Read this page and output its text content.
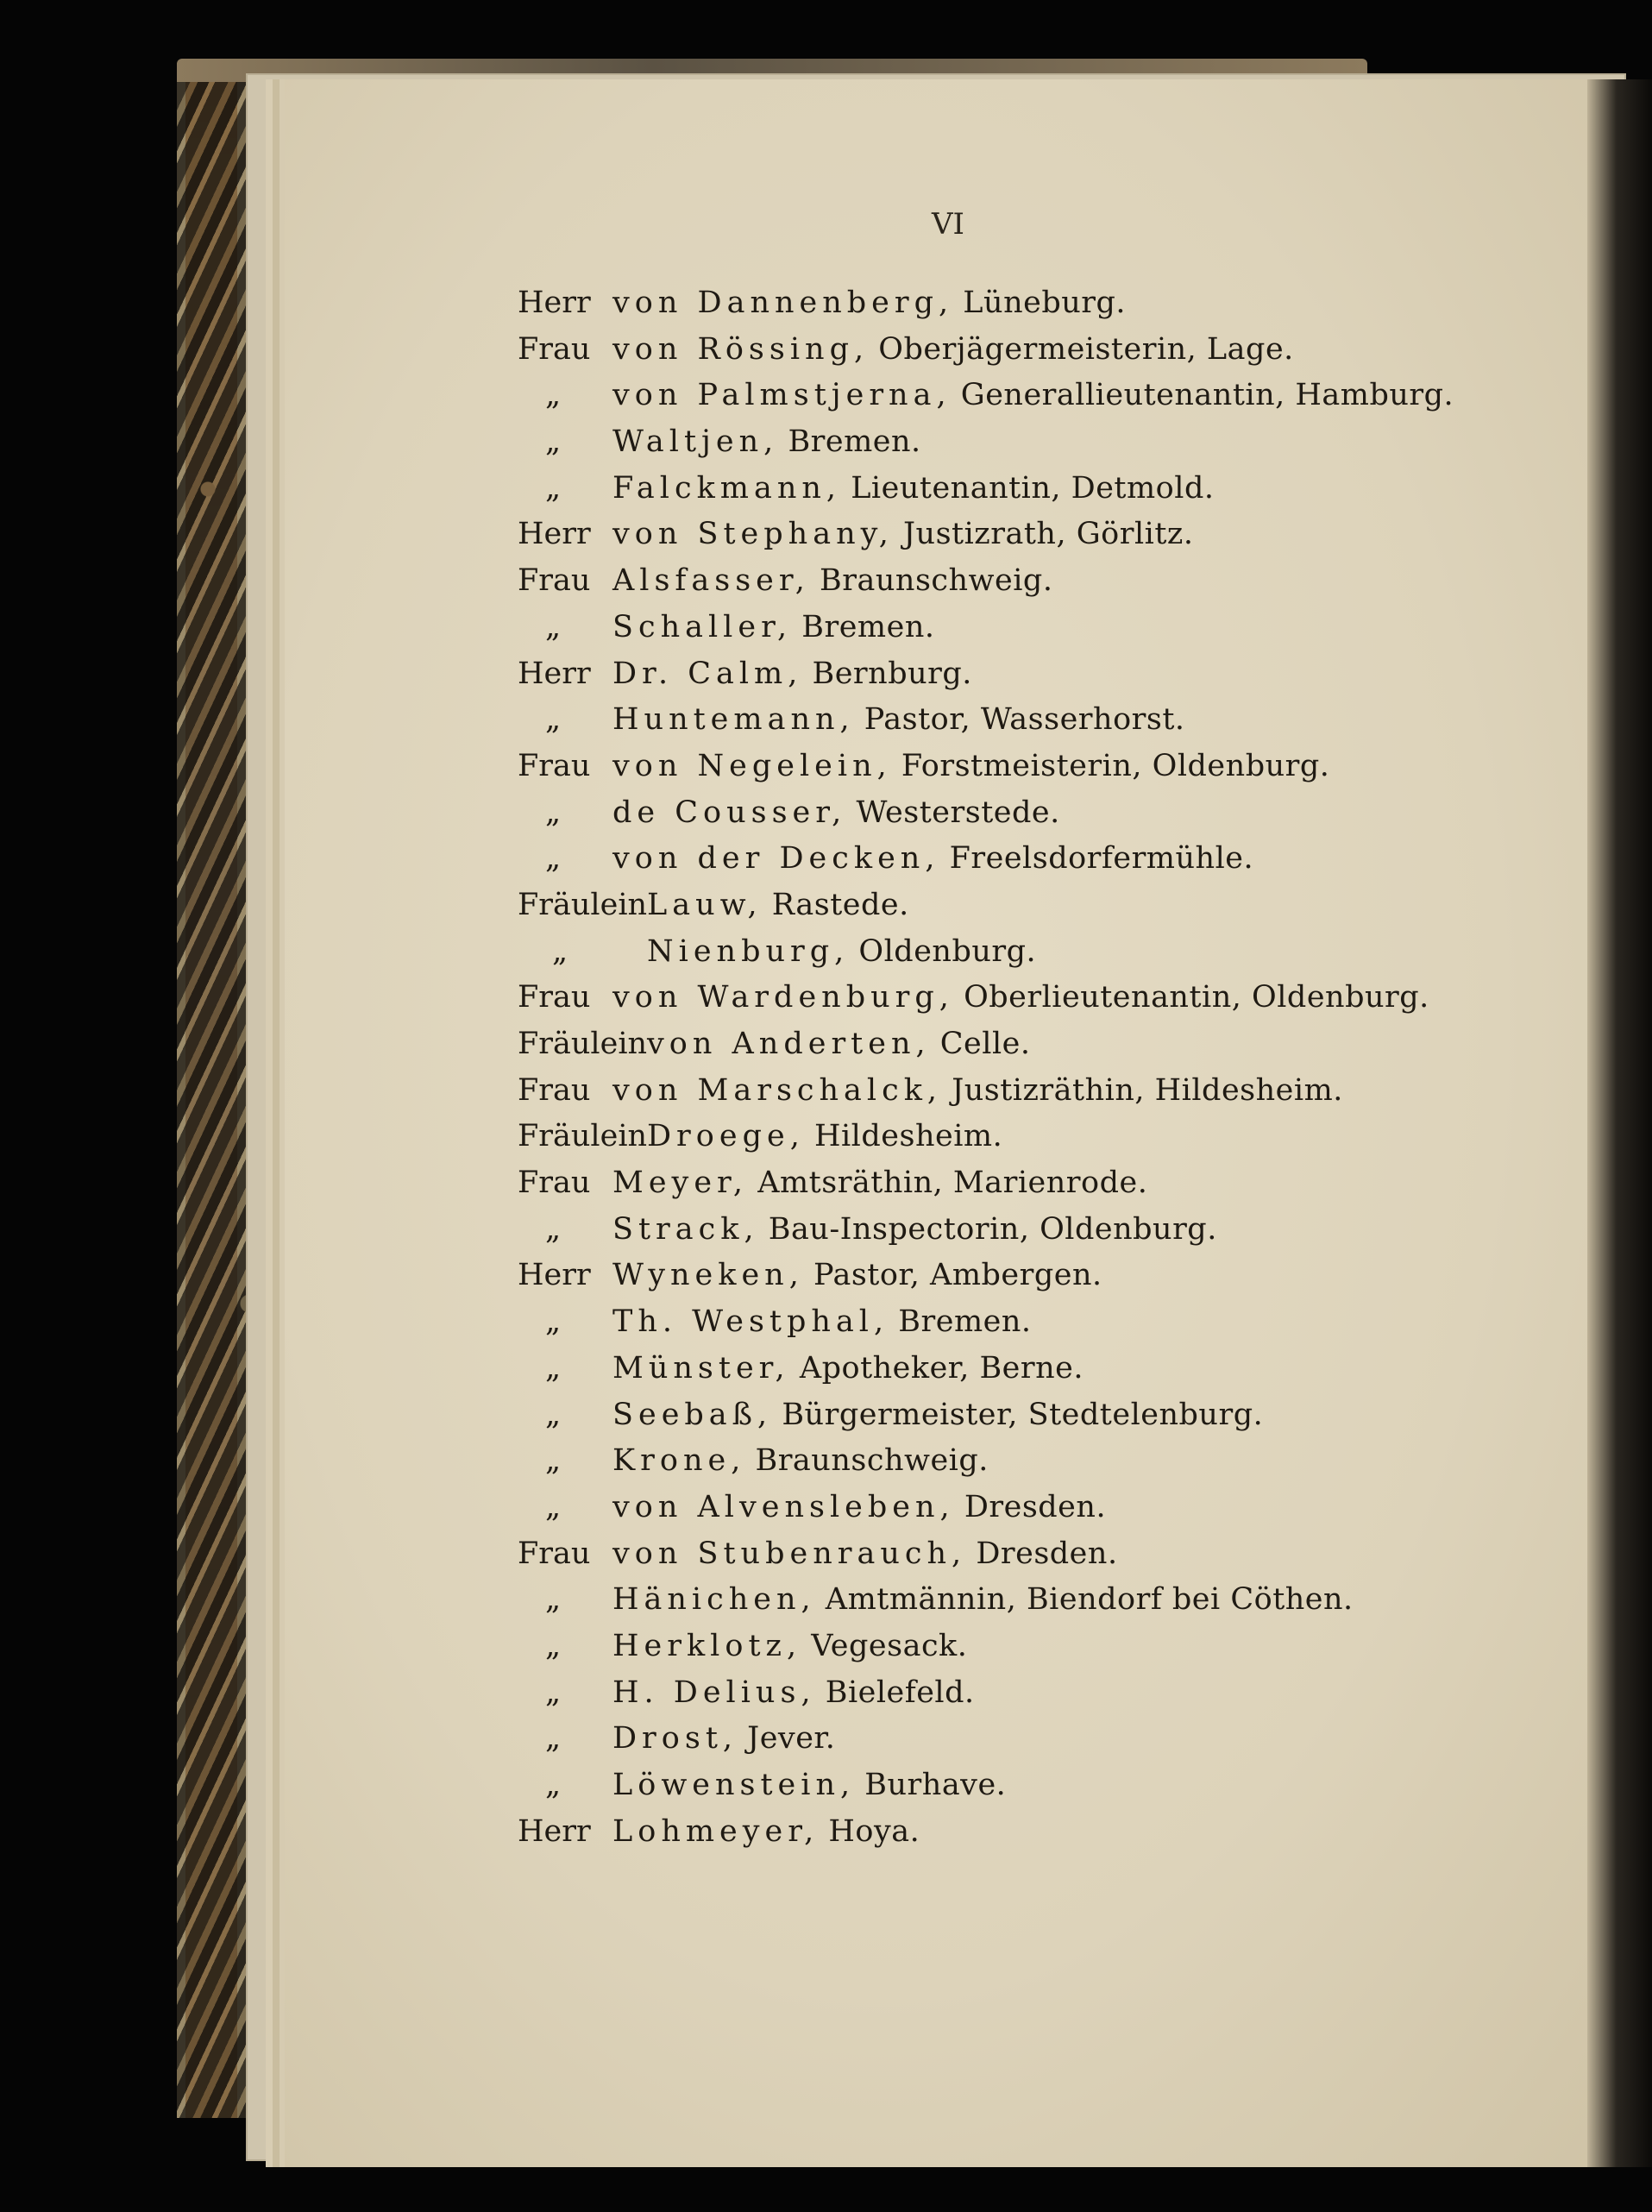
VI
Herr von Dannenberg, Lüneburg.
Frau von Rössing, Oberjägermeisterin, Lage.
„ von Palmstjerna, Generallieutenantin, Hamburg.
„ Waltjen, Bremen.
„ Falckmann, Lieutenantin, Detmold.
Herr von Stephany, Justizrath, Görlitz.
Frau Alsfasser, Braunschweig.
„ Schaller, Bremen.
Herr Dr. Calm, Bernburg.
„ Huntemann, Pastor, Wasserhorst.
Frau von Negelein, Forstmeisterin, Oldenburg.
„ de Cousser, Westerstede.
„ von der Decken, Freelsdorfermühle.
FräuleinLauw, Rastede.
„	Nienburg, Oldenburg.
Frau von Wardenburg, Oberlieutenantin, Oldenburg.
Fräuleinvon Anderten, Celle.
Frau von Marschalck, Justizräthin, Hildesheim.
FräuleinDroege, Hildesheim.
Frau Meyer, Amtsräthin, Marienrode.
„ Strack, Bau-Inspectorin, Oldenburg.
Herr Wyneken, Pastor, Ambergen.
„ Th. Westphal, Bremen.
„ Münster, Apotheker, Berne.
„ Seebaß, Bürgermeister, Stedtelenburg.
„ Krone, Braunschweig.
„ von Alvensleben, Dresden.
Frau von Stubenrauch, Dresden.
„ Hänichen, Amtmännin, Biendorf bei Cöthen.
„ Herklotz, Vegesack.
„ H. Delius, Bielefeld.
„ Drost, Jever.
„ Löwenstein, Burhave.
Herr Lohmeyer, Hoya.
